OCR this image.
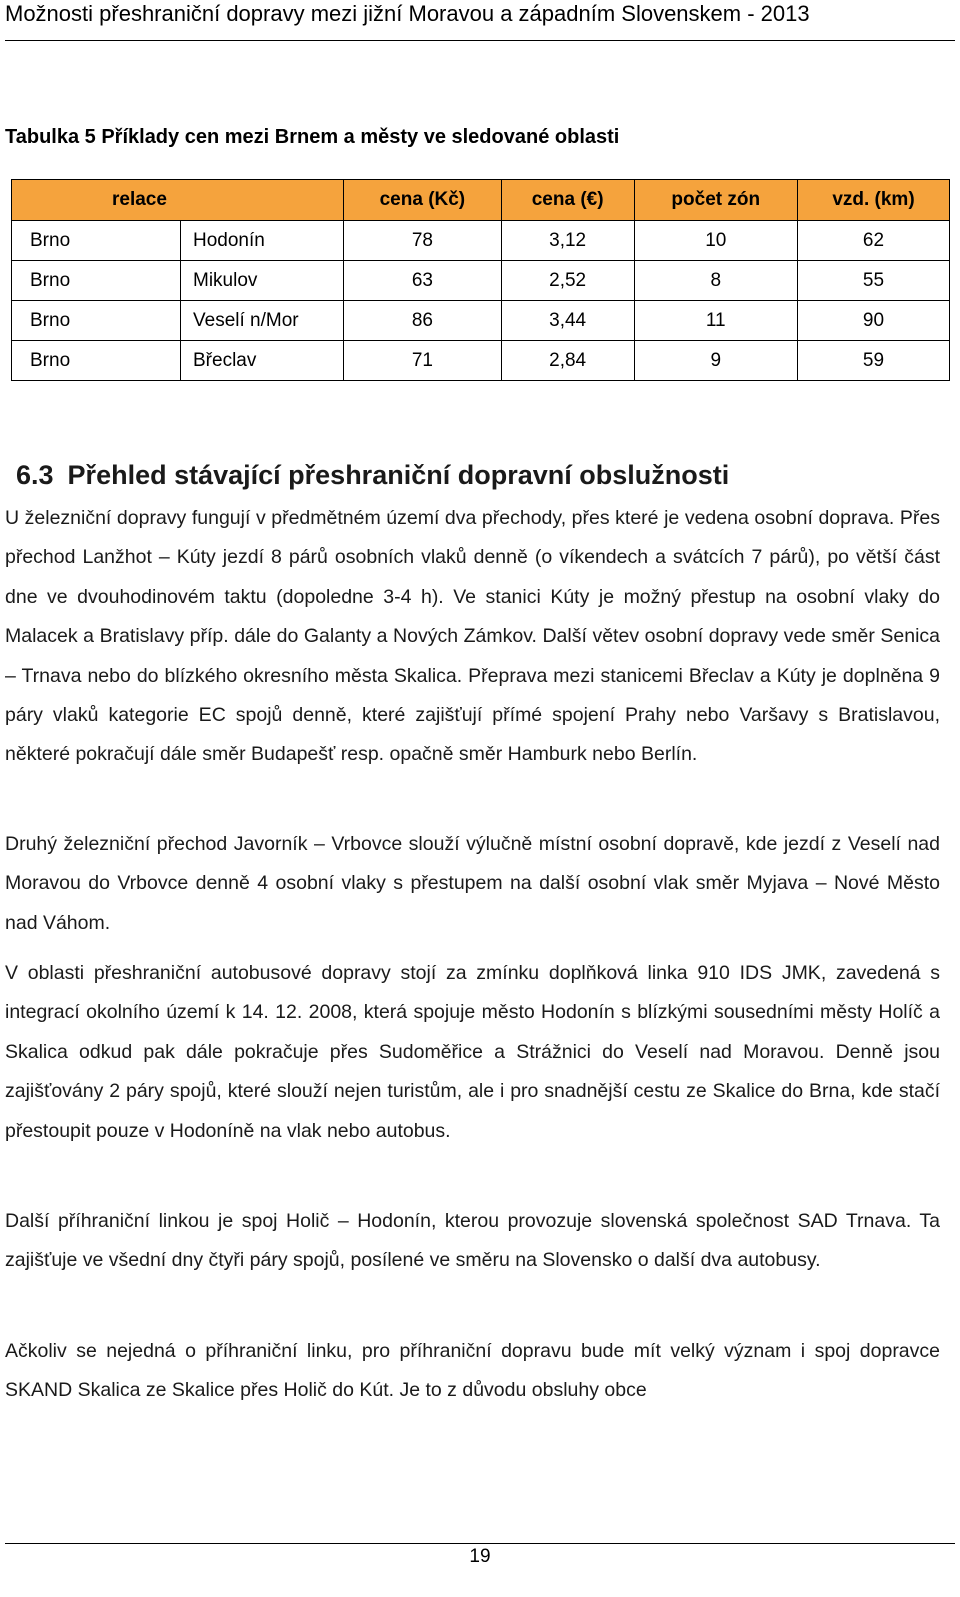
Možnosti přeshraniční dopravy mezi jižní Moravou a západním Slovenskem - 2013
Tabulka 5 Příklady cen mezi Brnem a městy ve sledované oblasti
relace		cena (Kč)	cena (€)	počet zón	vzd. (km)
Brno	Hodonín	78	3,12	10	62
Brno	Mikulov	63	2,52	8	55
Brno	Veselí n/Mor	86	3,44	11	90
Brno	Břeclav	71	2,84	9	59
6.3 Přehled stávající přeshraniční dopravní obslužnosti

U železniční dopravy fungují v předmětném území dva přechody, přes které je vedena osobní doprava. Přes přechod Lanžhot – Kúty jezdí 8 párů osobních vlaků denně (o víkendech a svátcích 7 párů), po větší část dne ve dvouhodinovém taktu (dopoledne 3-4 h). Ve stanici Kúty je možný přestup na osobní vlaky do Malacek a Bratislavy příp. dále do Galanty a Nových Zámkov. Další větev osobní dopravy vede směr Senica – Trnava nebo do blízkého okresního města Skalica. Přeprava mezi stanicemi Břeclav a Kúty je doplněna 9 páry vlaků kategorie EC spojů denně, které zajišťují přímé spojení Prahy nebo Varšavy s Bratislavou, některé pokračují dále směr Budapešť resp. opačně směr Hamburk nebo Berlín.

Druhý železniční přechod Javorník – Vrbovce slouží výlučně místní osobní dopravě, kde jezdí z Veselí nad Moravou do Vrbovce denně 4 osobní vlaky s přestupem na další osobní vlak směr Myjava – Nové Město nad Váhom.

V oblasti přeshraniční autobusové dopravy stojí za zmínku doplňková linka 910 IDS JMK, zavedená s integrací okolního území k 14. 12. 2008, která spojuje město Hodonín s blízkými sousedními městy Holíč a Skalica odkud pak dále pokračuje přes Sudoměřice a Strážnici do Veselí nad Moravou. Denně jsou zajišťovány 2 páry spojů, které slouží nejen turistům, ale i pro snadnější cestu ze Skalice do Brna, kde stačí přestoupit pouze v Hodoníně na vlak nebo autobus.

Další příhraniční linkou je spoj Holič – Hodonín, kterou provozuje slovenská společnost SAD Trnava. Ta zajišťuje ve všední dny čtyři páry spojů, posílené ve směru na Slovensko o další dva autobusy.

Ačkoliv se nejedná o příhraniční linku, pro příhraniční dopravu bude mít velký význam i spoj dopravce SKAND Skalica ze Skalice přes Holič do Kút. Je to z důvodu obsluhy obce

19
